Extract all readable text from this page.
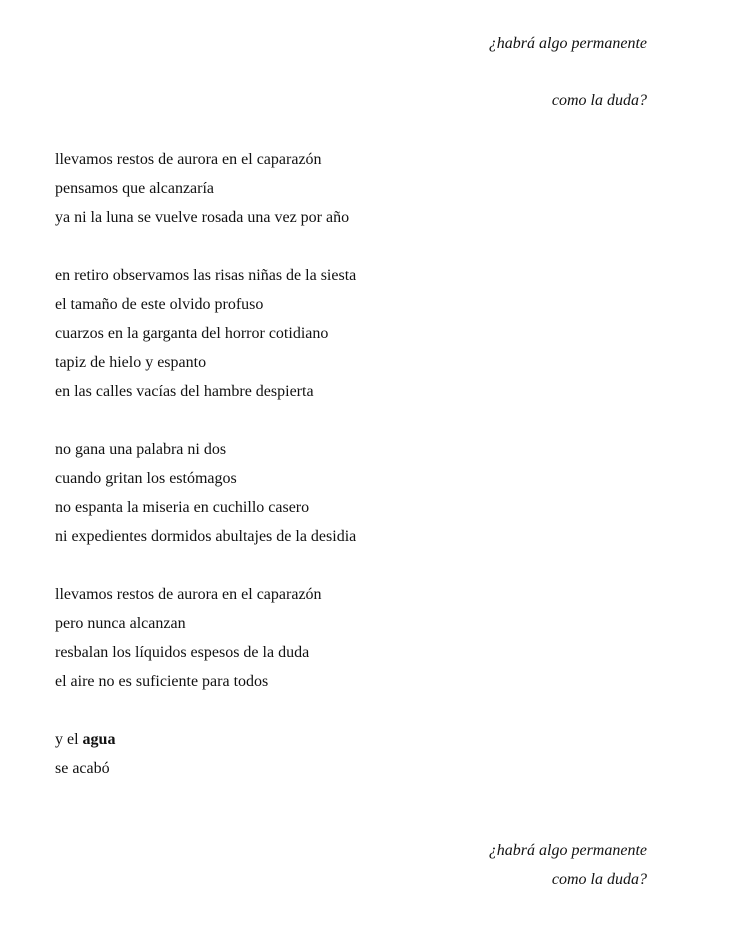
¿habrá algo permanente
como la duda?
llevamos restos de aurora en el caparazón
pensamos que alcanzaría
ya ni la luna se vuelve rosada una vez por año
en retiro observamos las risas niñas de la siesta
el tamaño de este olvido profuso
cuarzos en la garganta del horror cotidiano
tapiz de hielo y espanto
en las calles vacías del hambre despierta
no gana una palabra ni dos
cuando gritan los estómagos
no espanta la miseria en cuchillo casero
ni expedientes dormidos abultajes de la desidia
llevamos restos de aurora en el caparazón
pero nunca alcanzan
resbalan los líquidos espesos de la duda
el aire no es suficiente para todos
y el agua
se acabó
¿habrá algo permanente
como la duda?
